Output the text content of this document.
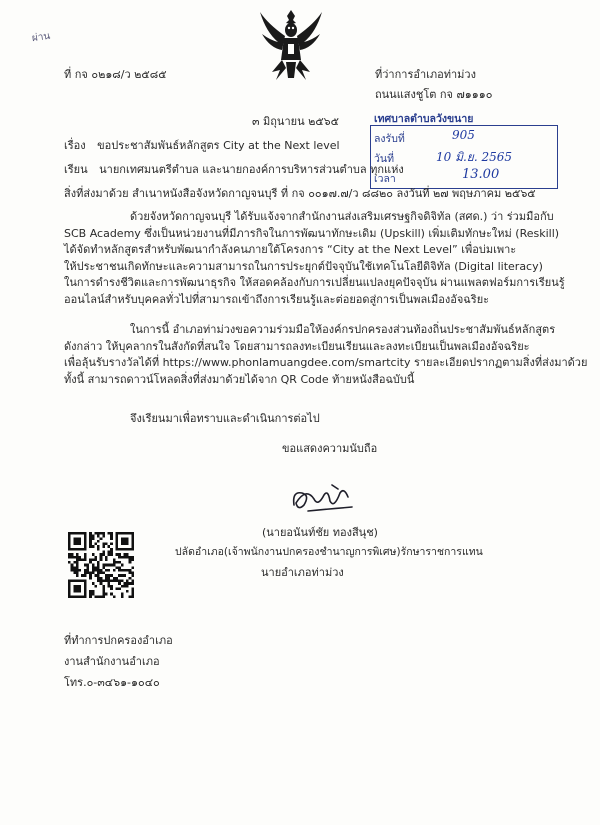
ผ่าน
ที่ กจ ๐๒๑๘/ว ๒๕๘๕	ที่ว่าการอำเภอท่าม่วง
ถนนแสงชูโต กจ ๗๑๑๑๐
เทศบาลตำบลวังขนาย
ลงรับที่	905
วันที่	10 มิ.ย. 2565
เวลา	13.00
๓ มิถุนายน ๒๕๖๕
เรื่อง ขอประชาสัมพันธ์หลักสูตร City at the Next level
เรียน นายกเทศมนตรีตำบล และนายกองค์การบริหารส่วนตำบล ทุกแห่ง
สิ่งที่ส่งมาด้วย สำเนาหนังสือจังหวัดกาญจนบุรี ที่ กจ ๐๐๑๗.๗/ว ๘๘๒๐ ลงวันที่ ๒๗ พฤษภาคม ๒๕๖๕
ด้วยจังหวัดกาญจนบุรี ได้รับแจ้งจากสำนักงานส่งเสริมเศรษฐกิจดิจิทัล (สศด.) ว่า ร่วมมือกับ
SCB Academy ซึ่งเป็นหน่วยงานที่มีภารกิจในการพัฒนาทักษะเดิม (Upskill) เพิ่มเติมทักษะใหม่ (Reskill)
ได้จัดทำหลักสูตรสำหรับพัฒนากำลังคนภายใต้โครงการ “City at the Next Level” เพื่อบ่มเพาะ
ให้ประชาชนเกิดทักษะและความสามารถในการประยุกต์ปัจจุบันใช้เทคโนโลยีดิจิทัล (Digital literacy)
ในการดำรงชีวิตและการพัฒนาธุรกิจ ให้สอดคล้องกับการเปลี่ยนแปลงยุคปัจจุบัน ผ่านแพลตฟอร์มการเรียนรู้
ออนไลน์สำหรับบุคคลทั่วไปที่สามารถเข้าถึงการเรียนรู้และต่อยอดสู่การเป็นพลเมืองอัจฉริยะ
ในการนี้ อำเภอท่าม่วงขอความร่วมมือให้องค์กรปกครองส่วนท้องถิ่นประชาสัมพันธ์หลักสูตร
ดังกล่าว ให้บุคลากรในสังกัดที่สนใจ โดยสามารถลงทะเบียนเรียนและลงทะเบียนเป็นพลเมืองอัจฉริยะ
เพื่อลุ้นรับรางวัลได้ที่ https://www.phonlamuangdee.com/smartcity รายละเอียดปรากฏตามสิ่งที่ส่งมาด้วย
ทั้งนี้ สามารถดาวน์โหลดสิ่งที่ส่งมาด้วยได้จาก QR Code ท้ายหนังสือฉบับนี้
จึงเรียนมาเพื่อทราบและดำเนินการต่อไป
ขอแสดงความนับถือ
(นายอนันท์ชัย ทองสีนุช)
ปลัดอำเภอ(เจ้าพนักงานปกครองชำนาญการพิเศษ)รักษาราชการแทน
นายอำเภอท่าม่วง
ที่ทำการปกครองอำเภอ
งานสำนักงานอำเภอ
โทร.๐-๓๔๖๑-๑๐๔๐
